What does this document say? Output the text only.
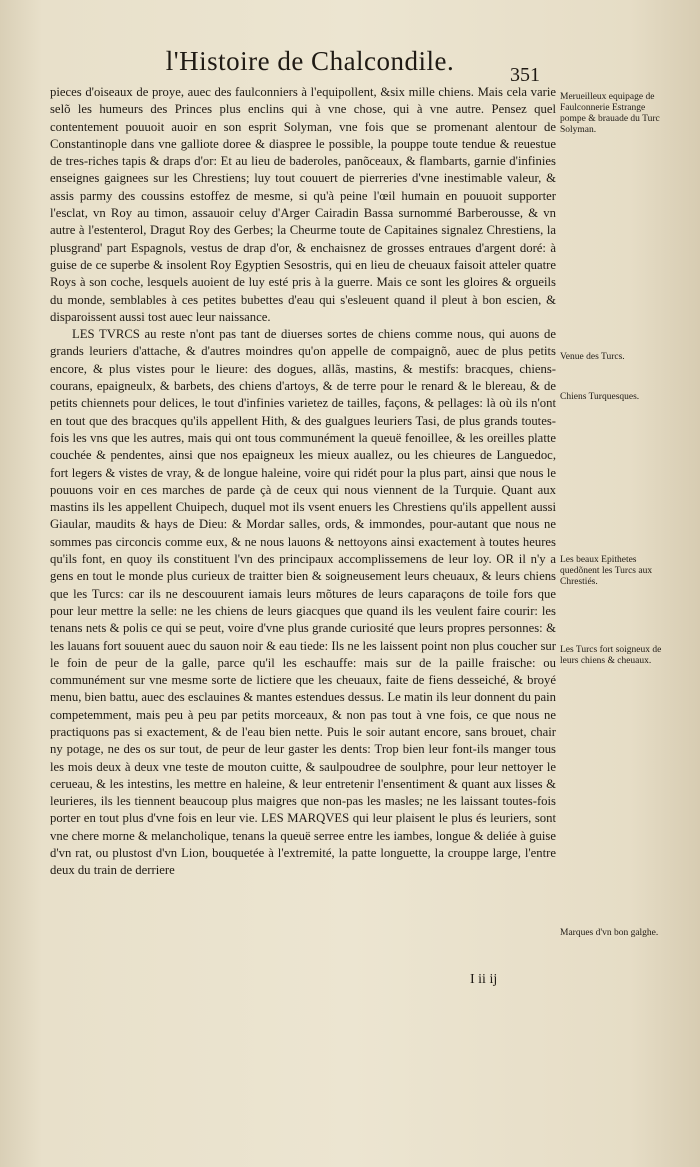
l'Histoire de Chalcondile.	351

pieces d'oiseaux de proye, auec des faulconniers à l'equipollent, &six mille chiens. Mais cela varie selõ les humeurs des Princes plus enclins qui à vne chose, qui à vne autre. Pensez quel contentement pouuoit auoir en son esprit Solyman, vne fois que se promenant alentour de Constantinople dans vne galliote doree & diaspree le possible, la pouppe toute tendue & reuestue de tres-riches tapis & draps d'or: Et au lieu de baderoles, panõceaux, & flambarts, garnie d'infinies enseignes gaignees sur les Chrestiens; luy tout couuert de pierreries d'vne inestimable valeur, & assis parmy des coussins estoffez de mesme, si qu'à peine l'œil humain en pouuoit supporter l'esclat, vn Roy au timon, assauoir celuy d'Arger Cairadin Bassa surnommé Barberousse, & vn autre à l'estenterol, Dragut Roy des Gerbes; la Cheurme toute de Capitaines signalez Chrestiens, la plusgrand' part Espagnols, vestus de drap d'or, & enchaisnez de grosses entraues d'argent doré: à guise de ce superbe & insolent Roy Egyptien Sesostris, qui en lieu de cheuaux faisoit atteler quatre Roys à son coche, lesquels auoient de luy esté pris à la guerre. Mais ce sont les gloires & orgueils du monde, semblables à ces petites bubettes d'eau qui s'esleuent quand il pleut à bon escien, & disparoissent aussi tost auec leur naissance.

LES TVRCS au reste n'ont pas tant de diuerses sortes de chiens comme nous, qui auons de grands leuriers d'attache, & d'autres moindres qu'on appelle de compaignõ, auec de plus petits encore, & plus vistes pour le lieure: des dogues, allãs, mastins, & mestifs: bracques, chiens-courans, epaigneulx, & barbets, des chiens d'artoys, & de terre pour le renard & le blereau, & de petits chiennets pour delices, le tout d'infinies varietez de tailles, façons, & pellages: là où ils n'ont en tout que des bracques qu'ils appellent Hith, & des gualgues leuriers Tasi, de plus grands toutes-fois les vns que les autres, mais qui ont tous communément la queuë fenoillee, & les oreilles platte couchée & pendentes, ainsi que nos epaigneux les mieux auallez, ou les chieures de Languedoc, fort legers & vistes de vray, & de longue haleine, voire qui ridét pour la plus part, ainsi que nous le pouuons voir en ces marches de parde çà de ceux qui nous viennent de la Turquie. Quant aux mastins ils les appellent Chuipech, duquel mot ils vsent enuers les Chrestiens qu'ils appellent aussi Giaular, maudits & hays de Dieu: & Mordar salles, ords, & immondes, pour-autant que nous ne sommes pas circoncis comme eux, & ne nous lauons & nettoyons ainsi exactement à toutes heures qu'ils font, en quoy ils constituent l'vn des principaux accomplissemens de leur loy. OR il n'y a gens en tout le monde plus curieux de traitter bien & soigneusement leurs cheuaux, & leurs chiens que les Turcs: car ils ne descouurent iamais leurs mõtures de leurs caparaçons de toile fors que pour leur mettre la selle: ne les chiens de leurs giacques que quand ils les veulent faire courir: les tenans nets & polis ce qui se peut, voire d'vne plus grande curiosité que leurs propres personnes: & les lauans fort souuent auec du sauon noir & eau tiede: Ils ne les laissent point non plus coucher sur le foin de peur de la galle, parce qu'il les eschauffe: mais sur de la paille fraische: ou communément sur vne mesme sorte de lictiere que les cheuaux, faite de fiens desseiché, & broyé menu, bien battu, auec des esclauines & mantes estendues dessus. Le matin ils leur donnent du pain competemment, mais peu à peu par petits morceaux, & non pas tout à vne fois, ce que nous ne practiquons pas si exactement, & de l'eau bien nette. Puis le soir autant encore, sans brouet, chair ny potage, ne des os sur tout, de peur de leur gaster les dents: Trop bien leur font-ils manger tous les mois deux à deux vne teste de mouton cuitte, & saulpoudree de soulphre, pour leur nettoyer le cerueau, & les intestins, les mettre en haleine, & leur entretenir l'ensentiment & quant aux lisses & leurieres, ils les tiennent beaucoup plus maigres que non-pas les masles; ne les laissant toutes-fois porter en tout plus d'vne fois en leur vie. LES MARQVES qui leur plaisent le plus és leuriers, sont vne chere morne & melancholique, tenans la queuë serree entre les iambes, longue & deliée à guise d'vn rat, ou plustost d'vn Lion, bouquetée à l'extremité, la patte longuette, la crouppe large, l'entre deux du train de derriere

Merueilleux equipage de Faulconnerie Estrange pompe & brauade du Turc Solyman.
Venue des Turcs.
Chiens Turquesques.
Les beaux Epithetes quedõnent les Turcs aux Chrestiés.
Les Turcs fort soigneux de leurs chiens & cheuaux.
Marques d'vn bon galghe.
I ii ij
